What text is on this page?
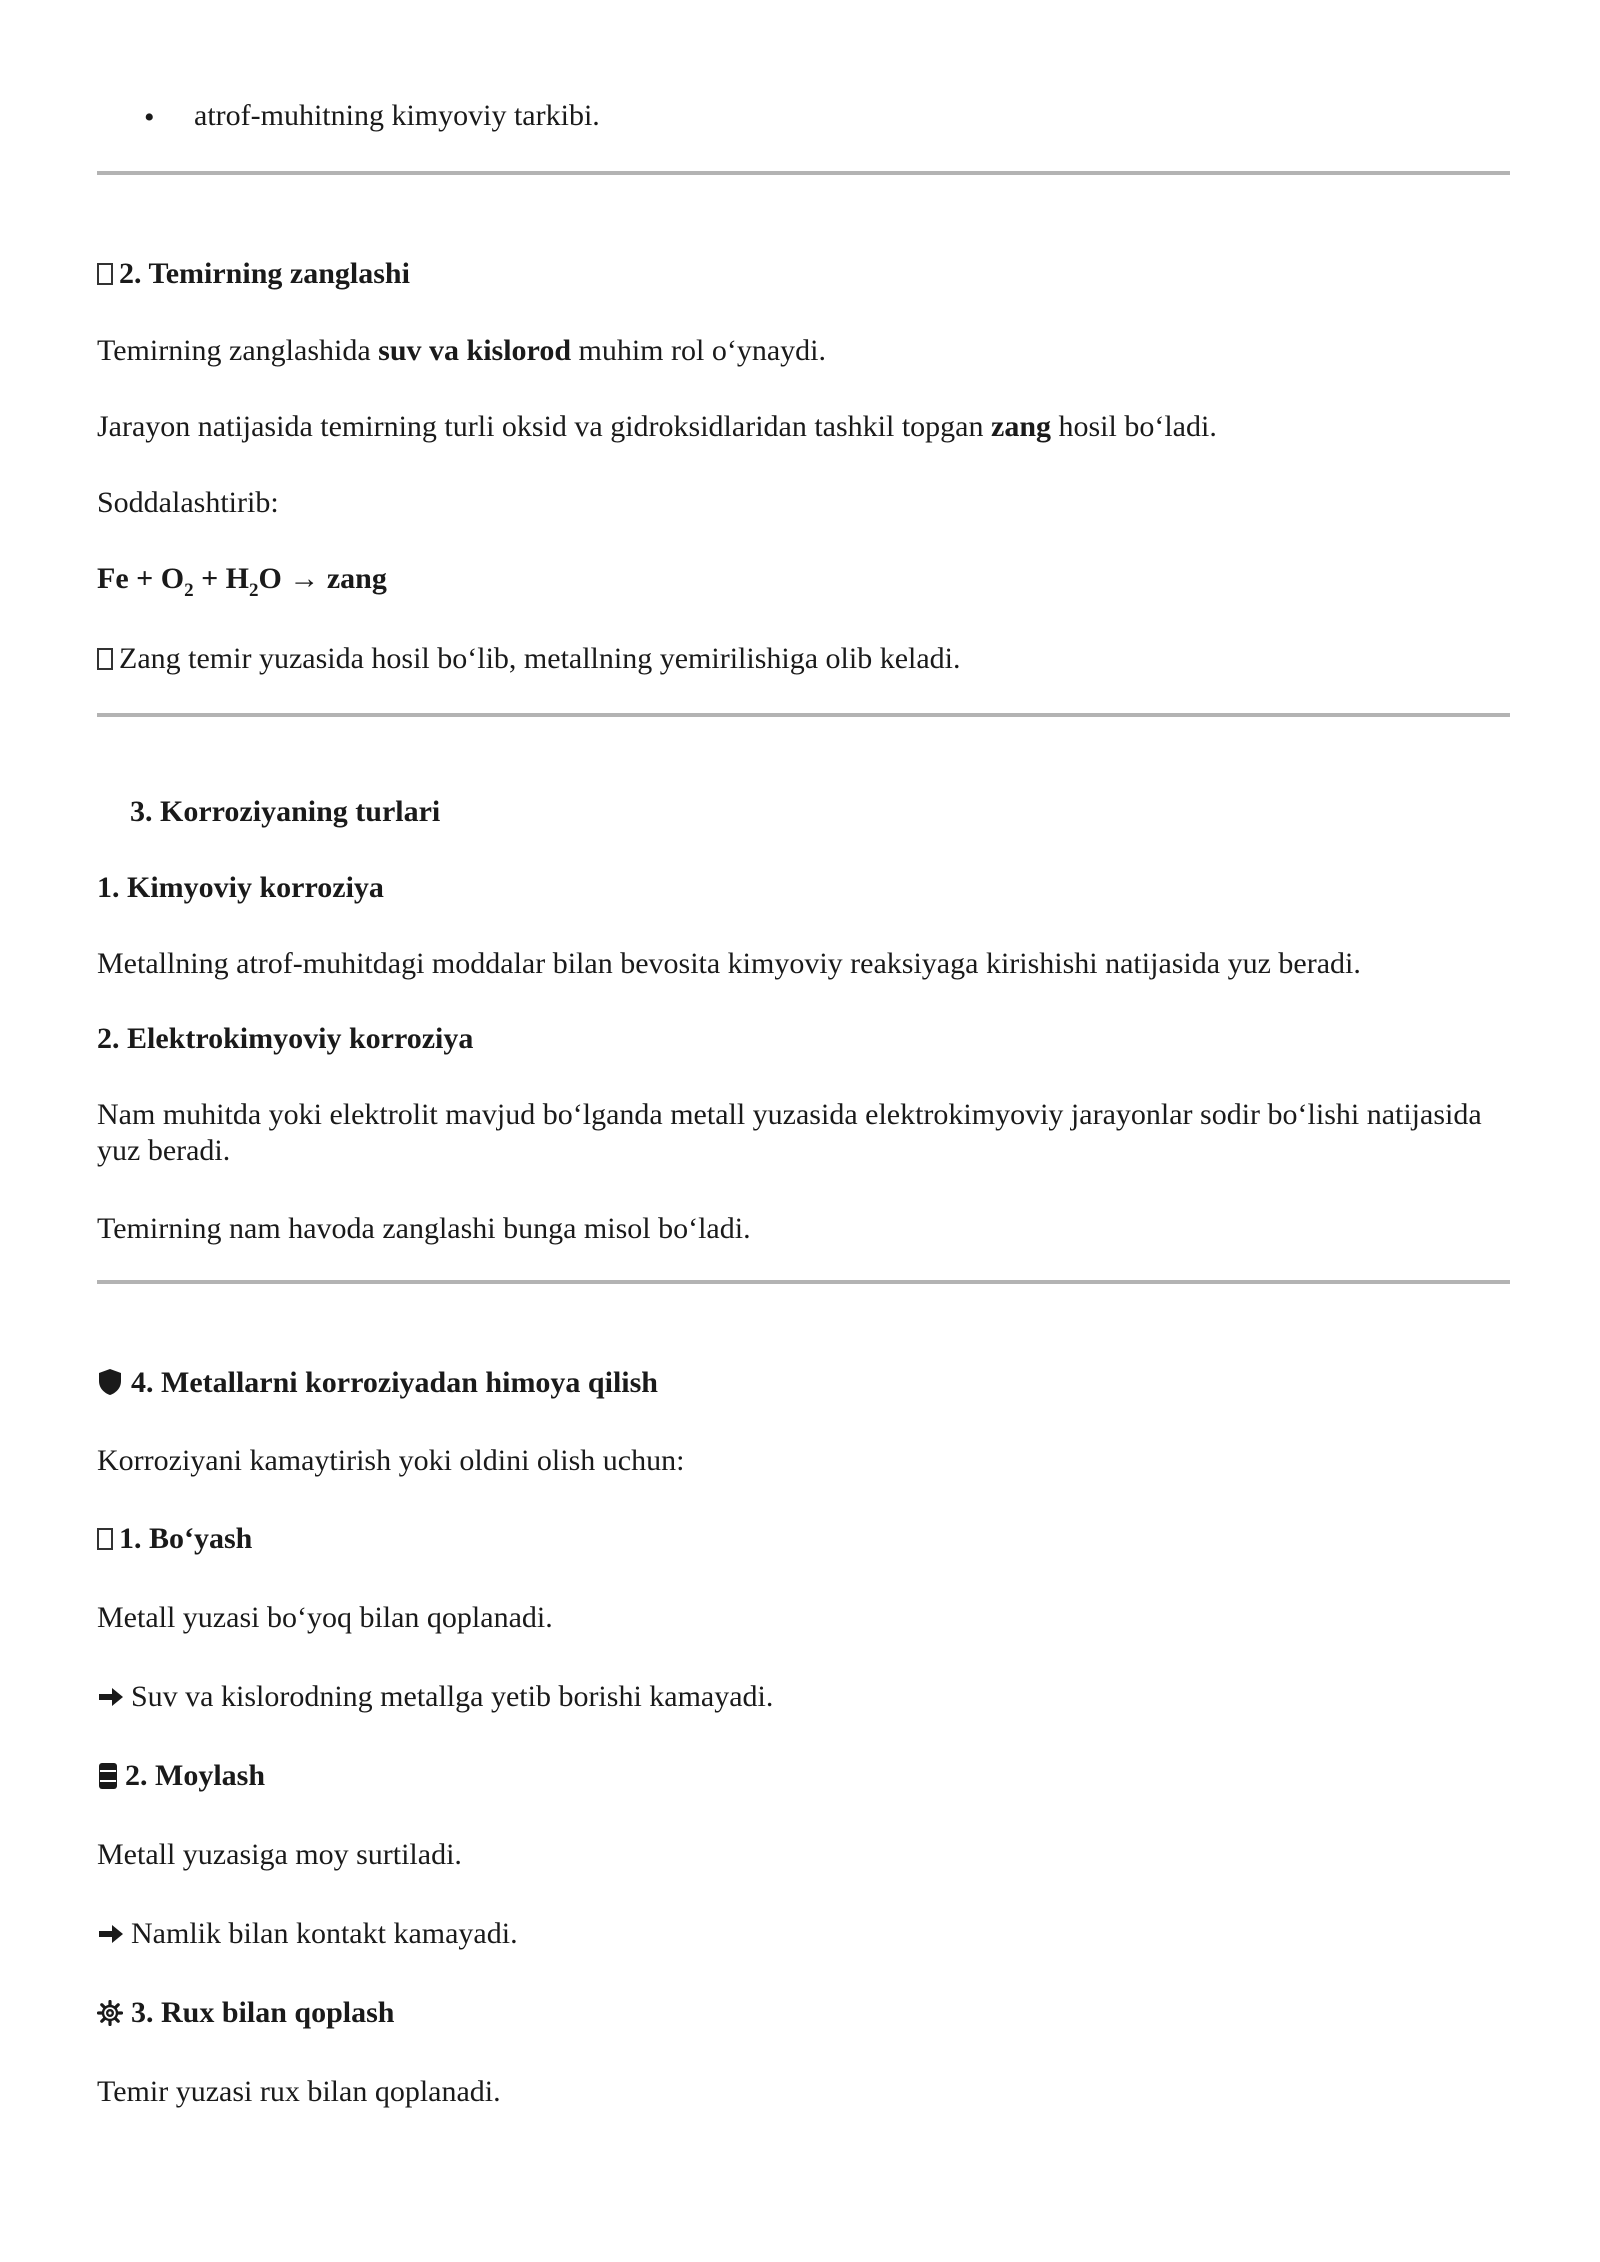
• atrof-muhitning kimyoviy tarkibi.
2. Temirning zanglashi
Temirning zanglashida suv va kislorod muhim rol o‘ynaydi.
Jarayon natijasida temirning turli oksid va gidroksidlaridan tashkil topgan zang hosil bo‘ladi.
Soddalashtirib:
$Fe + O_2 + H_2O$ → zang
Zang temir yuzasida hosil bo‘lib, metallning yemirilishiga olib keladi.
3. Korroziyaning turlari
1. Kimyoviy korroziya
Metallning atrof-muhitdagi moddalar bilan bevosita kimyoviy reaksiyaga kirishishi natijasida yuz beradi.
2. Elektrokimyoviy korroziya
Nam muhitda yoki elektrolit mavjud bo‘lganda metall yuzasida elektrokimyoviy jarayonlar sodir bo‘lishi natijasida yuz beradi.
Temirning nam havoda zanglashi bunga misol bo‘ladi.
4. Metallarni korroziyadan himoya qilish
Korroziyani kamaytirish yoki oldini olish uchun:
1. Bo‘yash
Metall yuzasi bo‘yoq bilan qoplanadi.
Suv va kislorodning metallga yetib borishi kamayadi.
2. Moylash
Metall yuzasiga moy surtiladi.
Namlik bilan kontakt kamayadi.
3. Rux bilan qoplash
Temir yuzasi rux bilan qoplanadi.
